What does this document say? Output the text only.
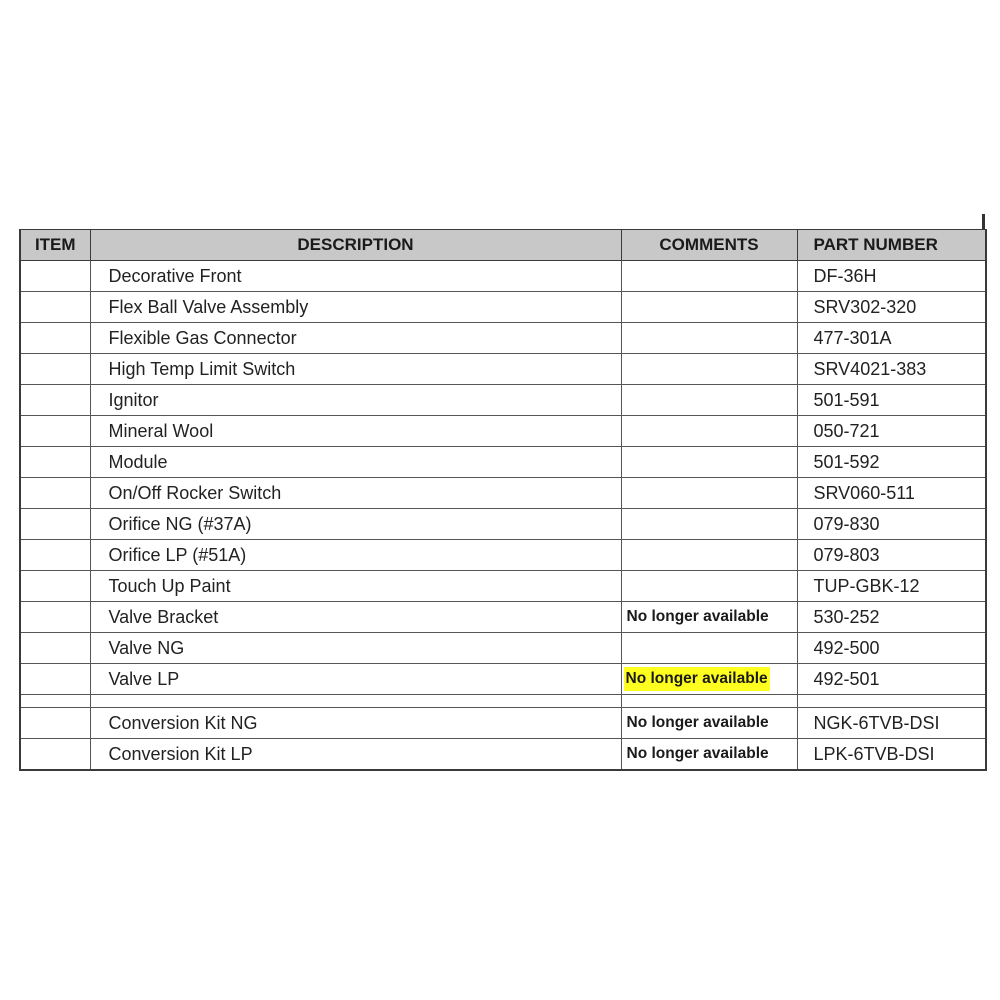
ITEM	DESCRIPTION	COMMENTS	PART NUMBER
	Decorative Front		DF-36H
	Flex Ball Valve Assembly		SRV302-320
	Flexible Gas Connector		477-301A
	High Temp Limit Switch		SRV4021-383
	Ignitor		501-591
	Mineral Wool		050-721
	Module		501-592
	On/Off Rocker Switch		SRV060-511
	Orifice NG (#37A)		079-830
	Orifice LP (#51A)		079-803
	Touch Up Paint		TUP-GBK-12
	Valve Bracket	No longer available	530-252
	Valve NG		492-500
	Valve LP	No longer available	492-501

	Conversion Kit NG	No longer available	NGK-6TVB-DSI
	Conversion Kit LP	No longer available	LPK-6TVB-DSI
